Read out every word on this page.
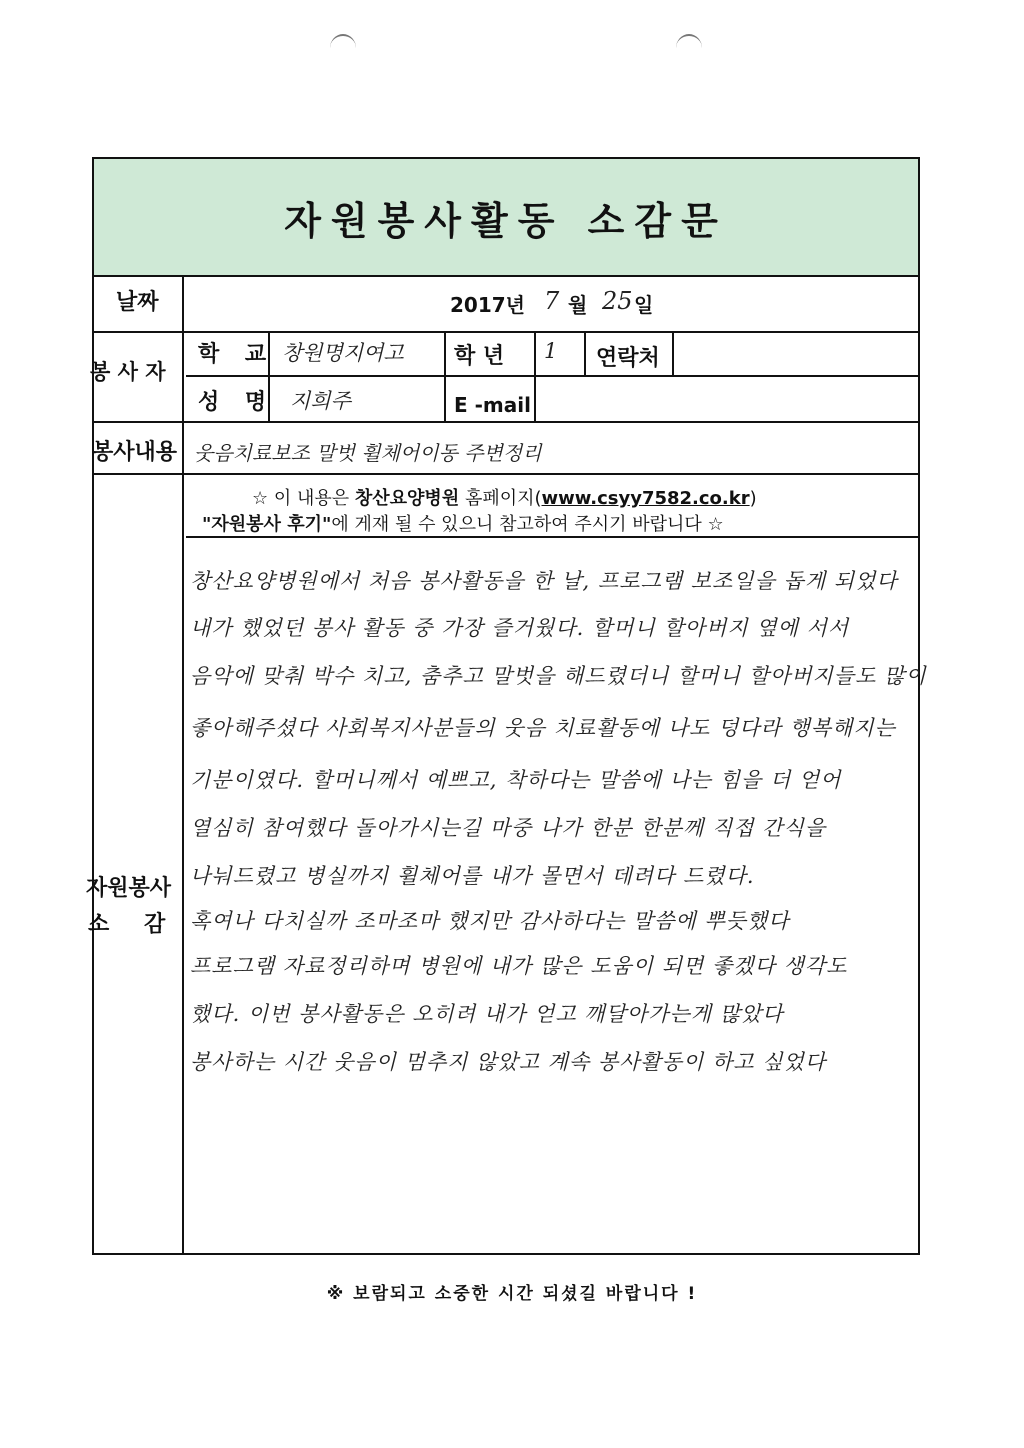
자원봉사활동 소감문
날짜	2017년 7 월 25 일
봉 사 자
학 교 창원명지여고 학 년 1 연락처
성 명 지희주	E -mail
봉사내용 웃음치료보조 말벗 휠체어이동 주변정리
☆ 이 내용은 창산요양병원 홈페이지(www.csyy7582.co.kr)
"자원봉사 후기"에 게재 될 수 있으니 참고하여 주시기 바랍니다 ☆
자원봉사
소 감
창산요양병원에서 처음 봉사활동을 한 날, 프로그램 보조일을 돕게 되었다
내가 했었던 봉사 활동 중 가장 즐거웠다. 할머니 할아버지 옆에 서서
음악에 맞춰 박수 치고, 춤추고 말벗을 해드렸더니 할머니 할아버지들도 많이
좋아해주셨다 사회복지사분들의 웃음 치료활동에 나도 덩다라 행복해지는
기분이였다. 할머니께서 예쁘고, 착하다는 말씀에 나는 힘을 더 얻어
열심히 참여했다 돌아가시는길 마중 나가 한분 한분께 직접 간식을
나눠드렸고 병실까지 휠체어를 내가 몰면서 데려다 드렸다.
혹여나 다치실까 조마조마 했지만 감사하다는 말씀에 뿌듯했다
프로그램 자료정리하며 병원에 내가 많은 도움이 되면 좋겠다 생각도
했다. 이번 봉사활동은 오히려 내가 얻고 깨달아가는게 많았다
봉사하는 시간 웃음이 멈추지 않았고 계속 봉사활동이 하고 싶었다
※ 보람되고 소중한 시간 되셨길 바랍니다 !
